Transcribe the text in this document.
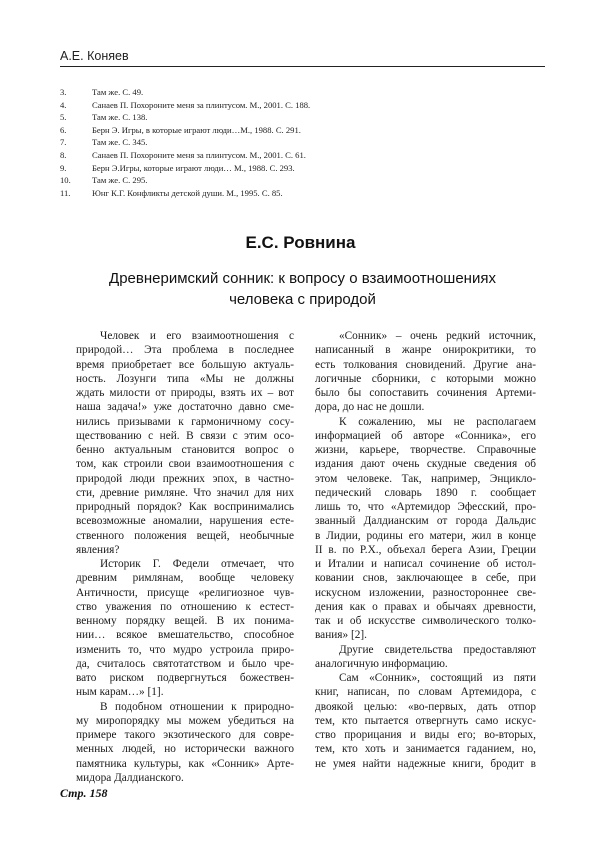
А.Е. Коняев
3.	Там же. С. 49.
4.	Санаев П. Похороните меня за плинтусом. М., 2001. С. 188.
5.	Там же. С. 138.
6.	Берн Э. Игры, в которые играют люди…М., 1988. С. 291.
7.	Там же. С. 345.
8.	Санаев П. Похороните меня за плинтусом. М., 2001. С. 61.
9.	Берн Э.Игры, которые играют люди… М., 1988. С. 293.
10.	Там же. С. 295.
11.	Юнг К.Г. Конфликты детской души. М., 1995. С. 85.
Е.С. Ровнина
Древнеримский сонник: к вопросу о взаимоотношениях
человека с природой
Человек и его взаимоотношения с
природой… Эта проблема в последнее
время приобретает все большую актуаль-
ность. Лозунги типа «Мы не должны
ждать милости от природы, взять их – вот
наша задача!» уже достаточно давно сме-
нились призывами к гармоничному сосу-
ществованию с ней. В связи с этим осо-
бенно актуальным становится вопрос о
том, как строили свои взаимоотношения с
природой люди прежних эпох, в частно-
сти, древние римляне. Что значил для них
природный порядок? Как воспринимались
всевозможные аномалии, нарушения есте-
ственного положения вещей, необычные
явления?
Историк Г. Федели отмечает, что
древним римлянам, вообще человеку
Античности, присуще «религиозное чув-
ство уважения по отношению к естест-
венному порядку вещей. В их понима-
нии… всякое вмешательство, способное
изменить то, что мудро устроила приро-
да, считалось святотатством и было чре-
вато риском подвергнуться божествен-
ным карам…» [1].
В подобном отношении к природно-
му миропорядку мы можем убедиться на
примере такого экзотического для совре-
менных людей, но исторически важного
памятника культуры, как «Сонник» Арте-
мидора Далдианского.
«Сонник» – очень редкий источник,
написанный в жанре онирокритики, то
есть толкования сновидений. Другие ана-
логичные сборники, с которыми можно
было бы сопоставить сочинения Артеми-
дора, до нас не дошли.
К сожалению, мы не располагаем
информацией об авторе «Сонника», его
жизни, карьере, творчестве. Справочные
издания дают очень скудные сведения об
этом человеке. Так, например, Энцикло-
педический словарь 1890 г. сообщает
лишь то, что «Артемидор Эфесский, про-
званный Далдианским от города Дальдис
в Лидии, родины его матери, жил в конце
II в. по Р.Х., объехал берега Азии, Греции
и Италии и написал сочинение об истол-
ковании снов, заключающее в себе, при
искусном изложении, разностороннее све-
дения как о правах и обычаях древности,
так и об искусстве символического толко-
вания» [2].
Другие свидетельства предоставляют
аналогичную информацию.
Сам «Сонник», состоящий из пяти
книг, написан, по словам Артемидора, с
двоякой целью: «во-первых, дать отпор
тем, кто пытается отвергнуть само искус-
ство прорицания и виды его; во-вторых,
тем, кто хоть и занимается гаданием, но,
не умея найти надежные книги, бродит в
Стр. 158
